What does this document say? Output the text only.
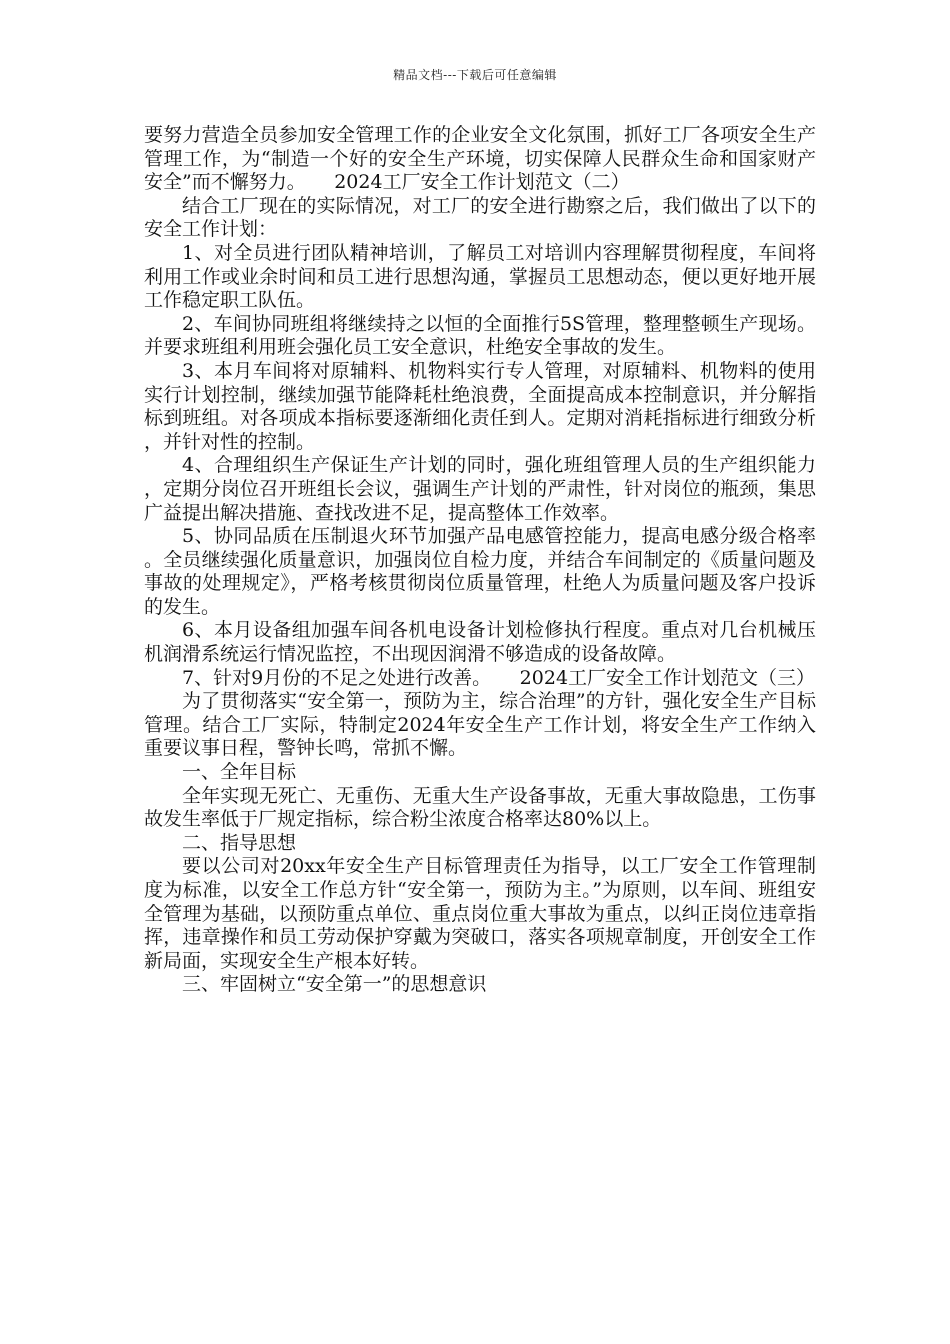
精品文档---下载后可任意编辑

要努力营造全员参加安全管理工作的企业安全文化氛围，抓好工厂各项安全生产管理工作，为“制造一个好的安全生产环境，切实保障人民群众生命和国家财产安全”而不懈努力。　　2024工厂安全工作计划范文（二）

结合工厂现在的实际情况，对工厂的安全进行勘察之后，我们做出了以下的安全工作计划：

1、对全员进行团队精神培训，了解员工对培训内容理解贯彻程度，车间将利用工作或业余时间和员工进行思想沟通，掌握员工思想动态，便以更好地开展工作稳定职工队伍。

2、车间协同班组将继续持之以恒的全面推行5S管理，整理整顿生产现场。并要求班组利用班会强化员工安全意识，杜绝安全事故的发生。

3、本月车间将对原辅料、机物料实行专人管理，对原辅料、机物料的使用实行计划控制，继续加强节能降耗杜绝浪费，全面提高成本控制意识，并分解指标到班组。对各项成本指标要逐渐细化责任到人。定期对消耗指标进行细致分析，并针对性的控制。

4、合理组织生产保证生产计划的同时，强化班组管理人员的生产组织能力，定期分岗位召开班组长会议，强调生产计划的严肃性，针对岗位的瓶颈，集思广益提出解决措施、查找改进不足，提高整体工作效率。

5、协同品质在压制退火环节加强产品电感管控能力，提高电感分级合格率。全员继续强化质量意识，加强岗位自检力度，并结合车间制定的《质量问题及事故的处理规定》，严格考核贯彻岗位质量管理，杜绝人为质量问题及客户投诉的发生。

6、本月设备组加强车间各机电设备计划检修执行程度。重点对几台机械压机润滑系统运行情况监控，不出现因润滑不够造成的设备故障。

7、针对9月份的不足之处进行改善。　　2024工厂安全工作计划范文（三）

为了贯彻落实“安全第一，预防为主，综合治理”的方针，强化安全生产目标管理。结合工厂实际，特制定2024年安全生产工作计划，将安全生产工作纳入重要议事日程，警钟长鸣，常抓不懈。

一、全年目标

全年实现无死亡、无重伤、无重大生产设备事故，无重大事故隐患，工伤事故发生率低于厂规定指标，综合粉尘浓度合格率达80%以上。

二、指导思想

要以公司对20xx年安全生产目标管理责任为指导，以工厂安全工作管理制度为标准，以安全工作总方针“安全第一，预防为主。”为原则，以车间、班组安全管理为基础，以预防重点单位、重点岗位重大事故为重点，以纠正岗位违章指挥，违章操作和员工劳动保护穿戴为突破口，落实各项规章制度，开创安全工作新局面，实现安全生产根本好转。

三、牢固树立“安全第一”的思想意识
